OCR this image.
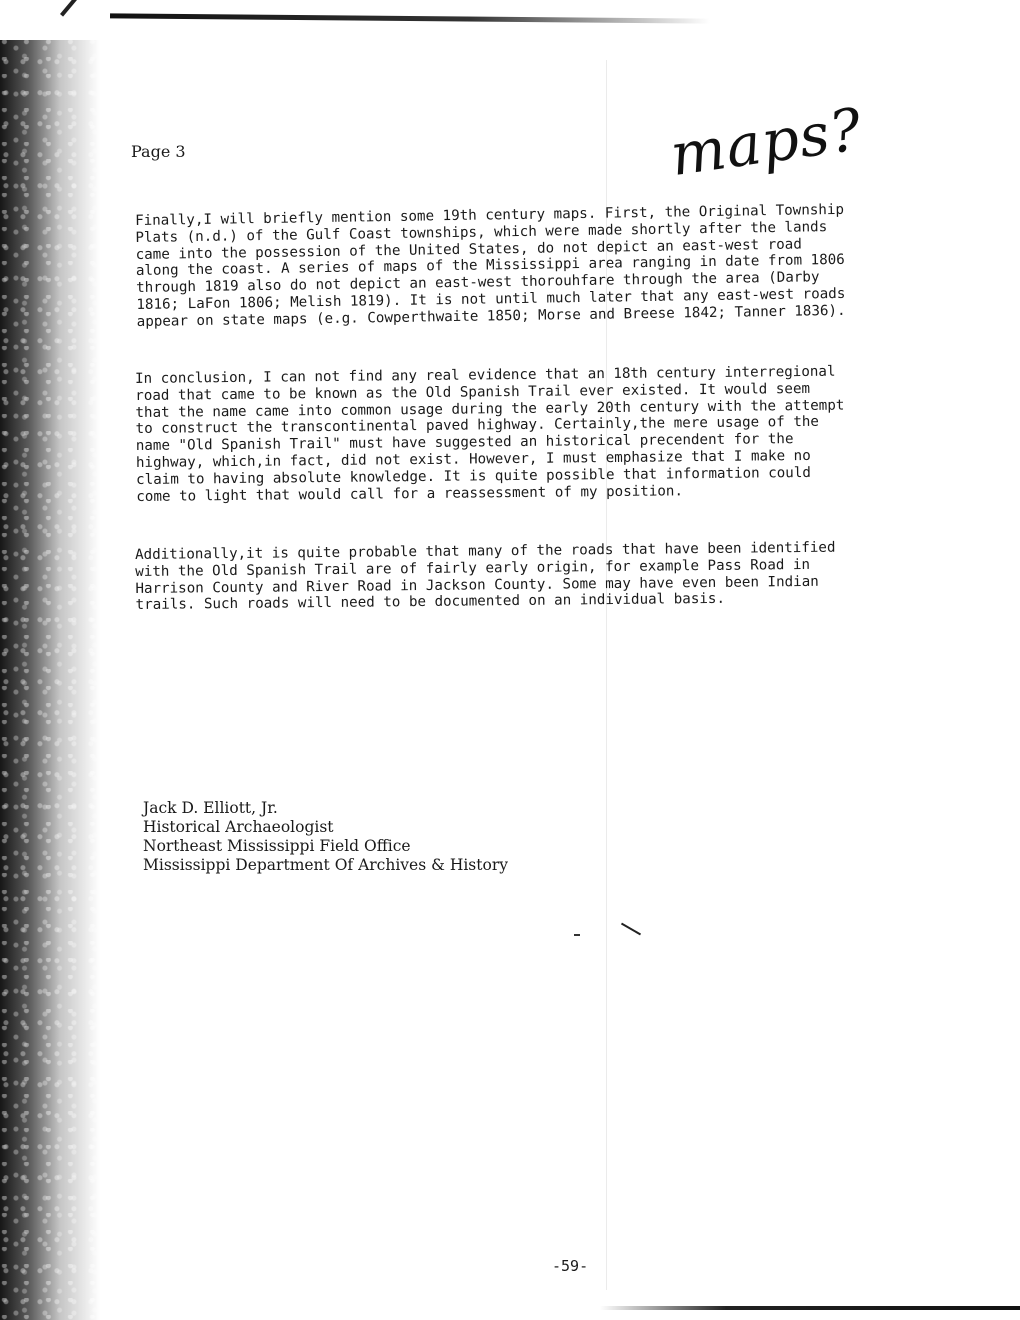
Page 3	maps?

Finally,I will briefly mention some 19th century maps. First, the Original Township Plats (n.d.) of the Gulf Coast townships, which were made shortly after the lands came into the possession of the United States, do not depict an east-west road along the coast. A series of maps of the Mississippi area ranging in date from 1806 through 1819 also do not depict an east-west thorouhfare through the area (Darby 1816; LaFon 1806; Melish 1819). It is not until much later that any east-west roads appear on state maps (e.g. Cowperthwaite 1850; Morse and Breese 1842; Tanner 1836).

In conclusion, I can not find any real evidence that an 18th century interregional road that came to be known as the Old Spanish Trail ever existed. It would seem that the name came into common usage during the early 20th century with the attempt to construct the transcontinental paved highway. Certainly,the mere usage of the name "Old Spanish Trail" must have suggested an historical precendent for the highway, which,in fact, did not exist. However, I must emphasize that I make no claim to having absolute knowledge. It is quite possible that information could come to light that would call for a reassessment of my position.

Additionally,it is quite probable that many of the roads that have been identified with the Old Spanish Trail are of fairly early origin, for example Pass Road in Harrison County and River Road in Jackson County. Some may have even been Indian trails. Such roads will need to be documented on an individual basis.

Jack D. Elliott, Jr.
Historical Archaeologist
Northeast Mississippi Field Office
Mississippi Department Of Archives & History
-59-
